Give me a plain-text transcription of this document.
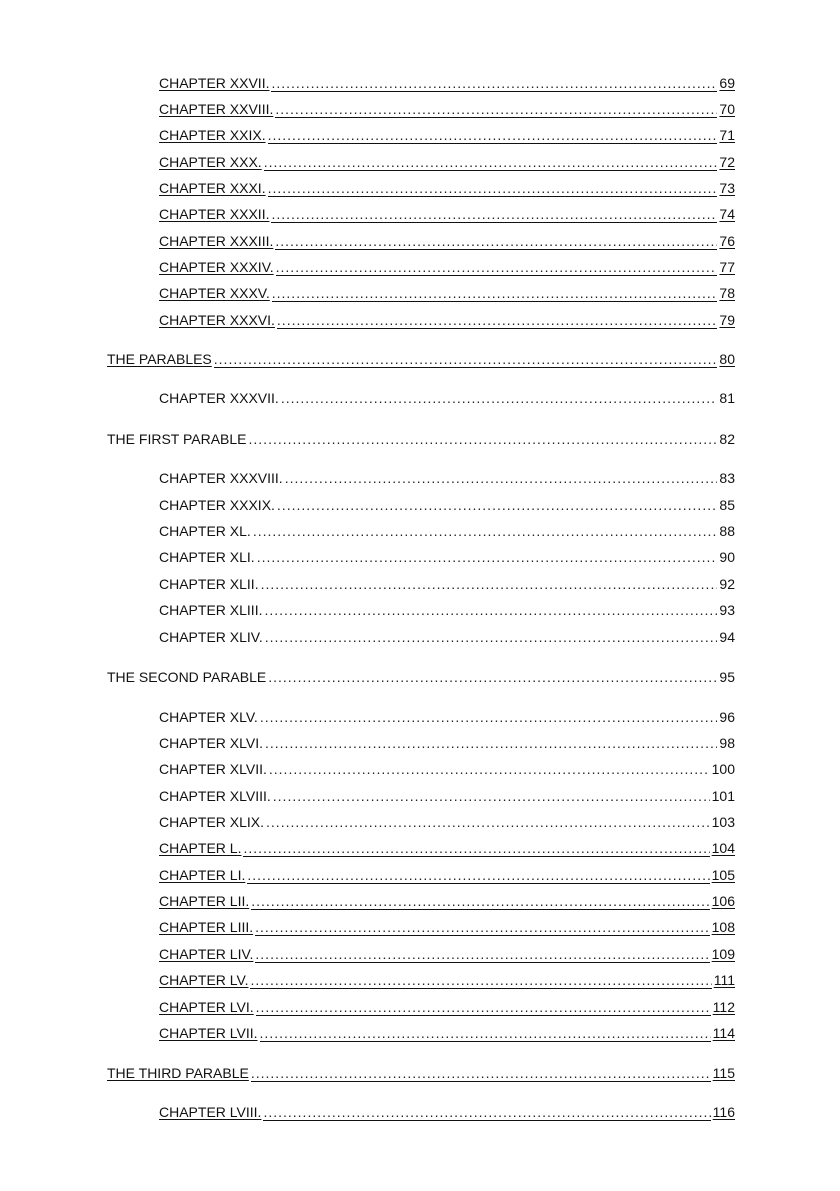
CHAPTER XXVII. .....	69
CHAPTER XXVIII. .....	70
CHAPTER XXIX. .....	71
CHAPTER XXX. .....	72
CHAPTER XXXI. .....	73
CHAPTER XXXII. .....	74
CHAPTER XXXIII. .....	76
CHAPTER XXXIV. .....	77
CHAPTER XXXV. .....	78
CHAPTER XXXVI. .....	79
THE PARABLES .....	80
CHAPTER XXXVII. .....	81
THE FIRST PARABLE .....	82
CHAPTER XXXVIII. .....	83
CHAPTER XXXIX. .....	85
CHAPTER XL. .....	88
CHAPTER XLI. .....	90
CHAPTER XLII. .....	92
CHAPTER XLIII. .....	93
CHAPTER XLIV. .....	94
THE SECOND PARABLE .....	95
CHAPTER XLV. .....	96
CHAPTER XLVI. .....	98
CHAPTER XLVII. .....	100
CHAPTER XLVIII. .....	101
CHAPTER XLIX. .....	103
CHAPTER L. .....	104
CHAPTER LI. .....	105
CHAPTER LII. .....	106
CHAPTER LIII. .....	108
CHAPTER LIV. .....	109
CHAPTER LV. .....	111
CHAPTER LVI. .....	112
CHAPTER LVII. .....	114
THE THIRD PARABLE .....	115
CHAPTER LVIII. .....	116
